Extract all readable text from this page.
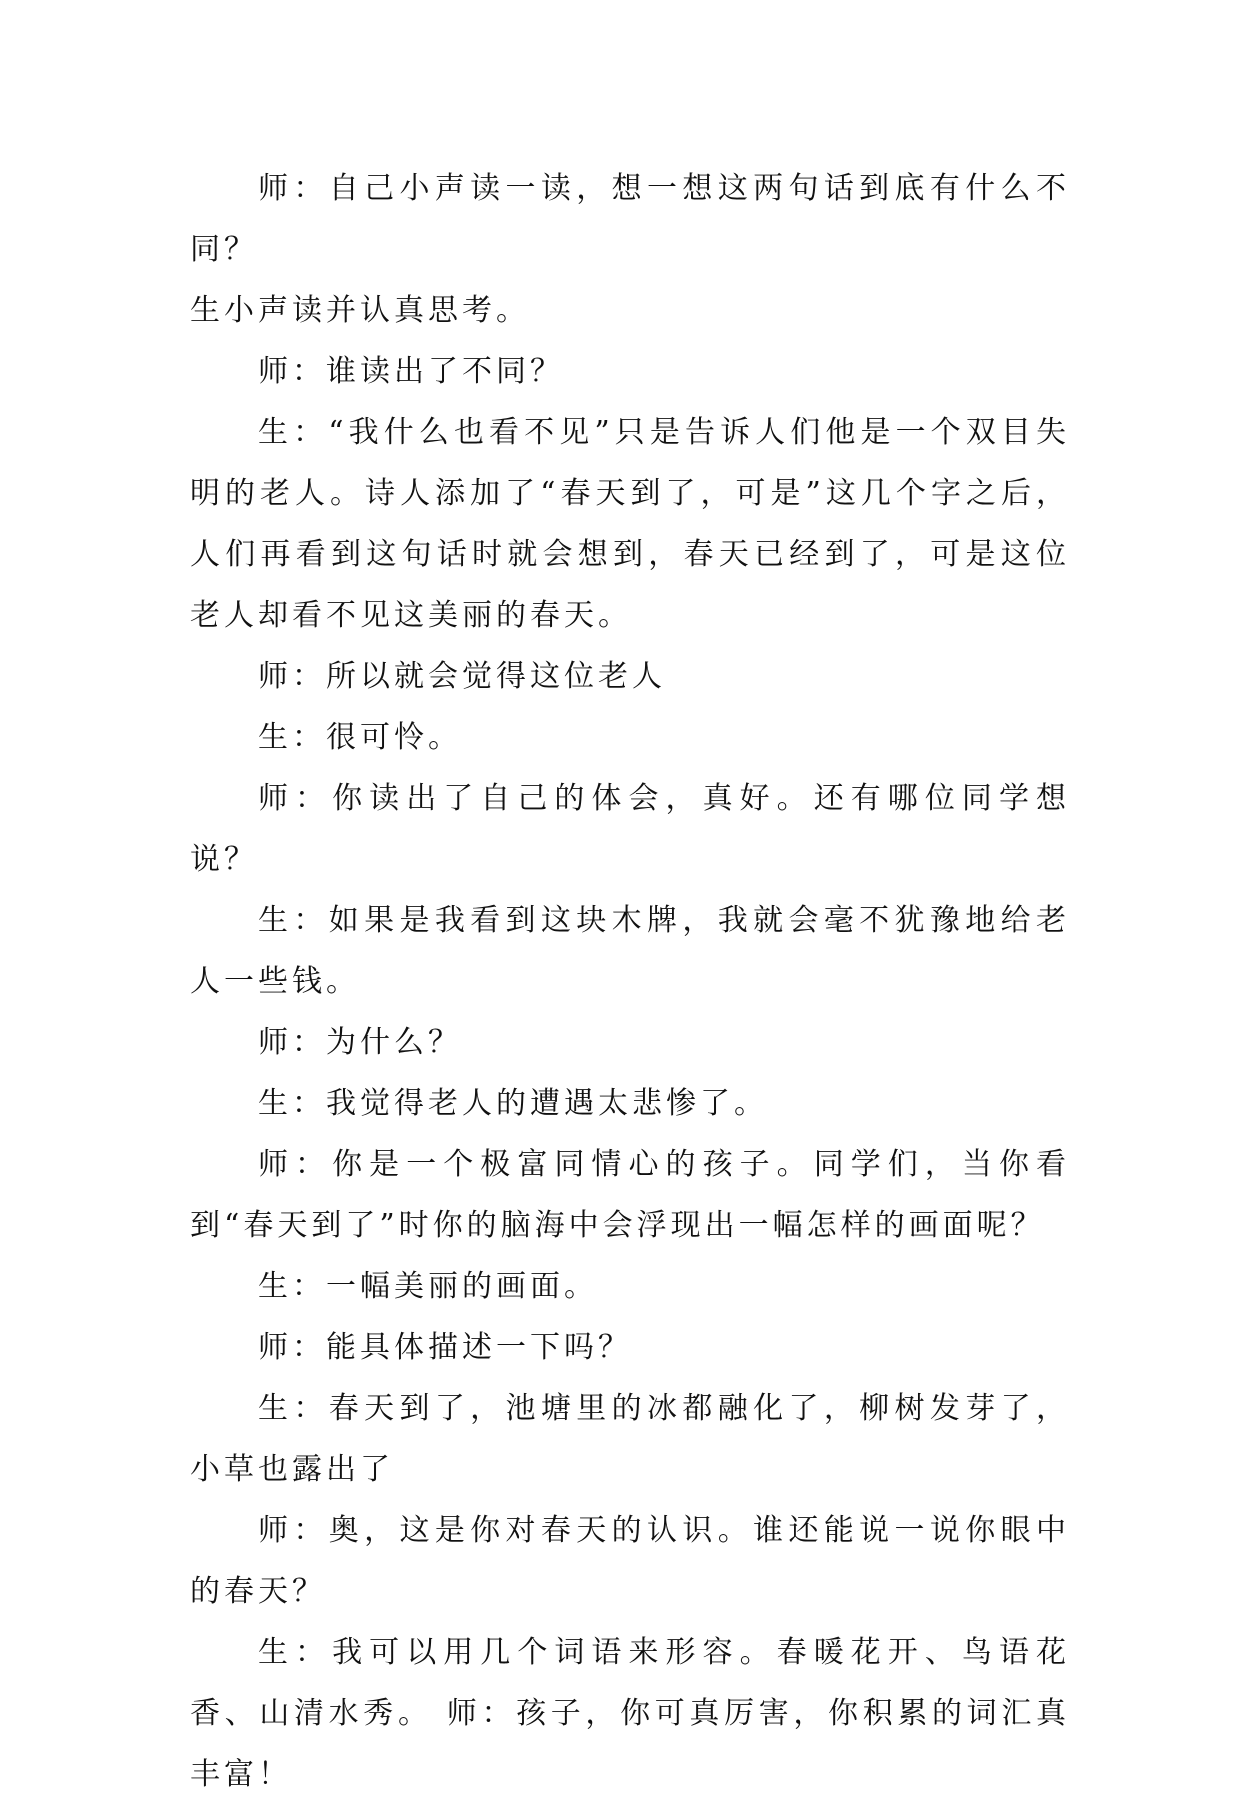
师：自己小声读一读，想一想这两句话到底有什么不同？

生小声读并认真思考。

师：谁读出了不同？

生：“我什么也看不见”只是告诉人们他是一个双目失明的老人。诗人添加了“春天到了，可是”这几个字之后，人们再看到这句话时就会想到，春天已经到了，可是这位老人却看不见这美丽的春天。

师：所以就会觉得这位老人

生：很可怜。

师：你读出了自己的体会，真好。还有哪位同学想说？

生：如果是我看到这块木牌，我就会毫不犹豫地给老人一些钱。

师：为什么？

生：我觉得老人的遭遇太悲惨了。

师：你是一个极富同情心的孩子。同学们，当你看到“春天到了”时你的脑海中会浮现出一幅怎样的画面呢？

生：一幅美丽的画面。

师：能具体描述一下吗？

生：春天到了，池塘里的冰都融化了，柳树发芽了，小草也露出了

师：奥，这是你对春天的认识。谁还能说一说你眼中的春天？

生：我可以用几个词语来形容。春暖花开、鸟语花香、山清水秀。 师：孩子，你可真厉害，你积累的词汇真丰富！
